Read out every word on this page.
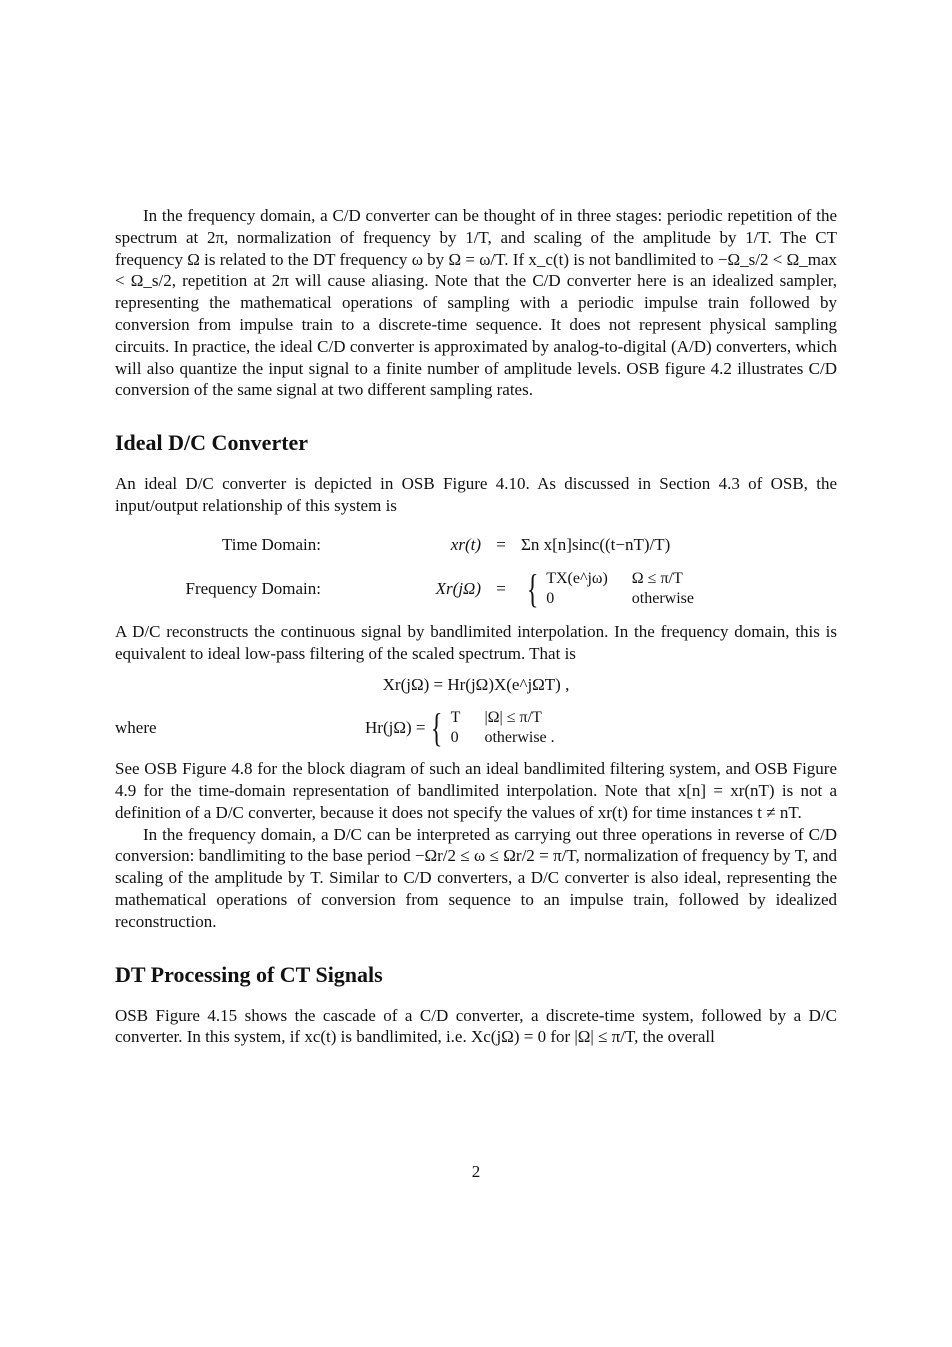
In the frequency domain, a C/D converter can be thought of in three stages: periodic repetition of the spectrum at 2π, normalization of frequency by 1/T, and scaling of the amplitude by 1/T. The CT frequency Ω is related to the DT frequency ω by Ω = ω/T. If x_c(t) is not bandlimited to −Ω_s/2 < Ω_max < Ω_s/2, repetition at 2π will cause aliasing. Note that the C/D converter here is an idealized sampler, representing the mathematical operations of sampling with a periodic impulse train followed by conversion from impulse train to a discrete-time sequence. It does not represent physical sampling circuits. In practice, the ideal C/D converter is approximated by analog-to-digital (A/D) converters, which will also quantize the input signal to a finite number of amplitude levels. OSB figure 4.2 illustrates C/D conversion of the same signal at two different sampling rates.

Ideal D/C Converter

An ideal D/C converter is depicted in OSB Figure 4.10. As discussed in Section 4.3 of OSB, the input/output relationship of this system is

Time Domain:	xr(t) = Σn x[n]sinc((t−nT)/T)
Frequency Domain:	Xr(jΩ) = { TX(e^jω) Ω ≤ π/T
0	otherwise

A D/C reconstructs the continuous signal by bandlimited interpolation. In the frequency domain, this is equivalent to ideal low-pass filtering of the scaled spectrum. That is

Xr(jΩ) = Hr(jΩ)X(e^jΩT) ,
where	Hr(jΩ) = { T |Ω| ≤ π/T
0 otherwise .

See OSB Figure 4.8 for the block diagram of such an ideal bandlimited filtering system, and OSB Figure 4.9 for the time-domain representation of bandlimited interpolation. Note that x[n] = xr(nT) is not a definition of a D/C converter, because it does not specify the values of xr(t) for time instances t ≠ nT.

In the frequency domain, a D/C can be interpreted as carrying out three operations in reverse of C/D conversion: bandlimiting to the base period −Ωr/2 ≤ ω ≤ Ωr/2 = π/T, normalization of frequency by T, and scaling of the amplitude by T. Similar to C/D converters, a D/C converter is also ideal, representing the mathematical operations of conversion from sequence to an impulse train, followed by idealized reconstruction.

DT Processing of CT Signals

OSB Figure 4.15 shows the cascade of a C/D converter, a discrete-time system, followed by a D/C converter. In this system, if xc(t) is bandlimited, i.e. Xc(jΩ) = 0 for |Ω| ≤ π/T, the overall

2
